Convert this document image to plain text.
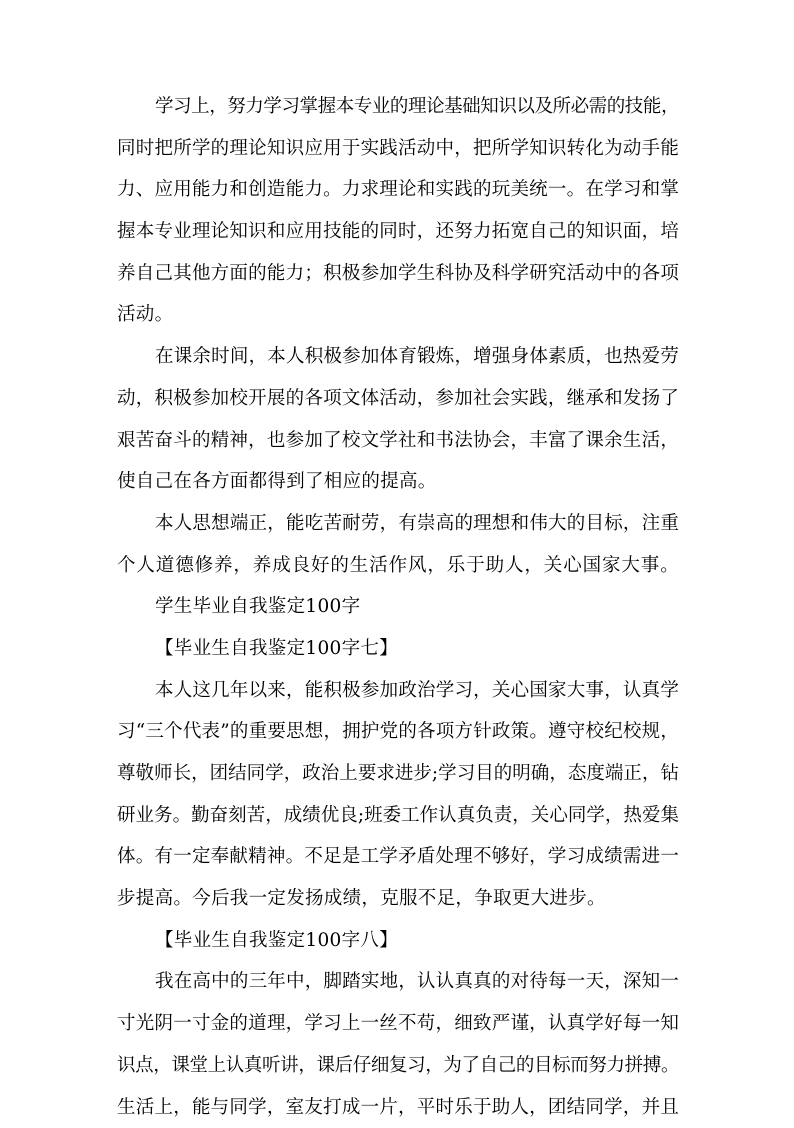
学习上，努力学习掌握本专业的理论基础知识以及所必需的技能，
同时把所学的理论知识应用于实践活动中，把所学知识转化为动手能
力、应用能力和创造能力。力求理论和实践的玩美统一。在学习和掌
握本专业理论知识和应用技能的同时，还努力拓宽自己的知识面，培
养自己其他方面的能力；积极参加学生科协及科学研究活动中的各项
活动。
在课余时间，本人积极参加体育锻炼，增强身体素质，也热爱劳
动，积极参加校开展的各项文体活动，参加社会实践，继承和发扬了
艰苦奋斗的精神，也参加了校文学社和书法协会，丰富了课余生活，
使自己在各方面都得到了相应的提高。
本人思想端正，能吃苦耐劳，有崇高的理想和伟大的目标，注重
个人道德修养，养成良好的生活作风，乐于助人，关心国家大事。
学生毕业自我鉴定100字
【毕业生自我鉴定100字七】
本人这几年以来，能积极参加政治学习，关心国家大事，认真学
习“三个代表”的重要思想，拥护党的各项方针政策。遵守校纪校规，
尊敬师长，团结同学，政治上要求进步;学习目的明确，态度端正，钻
研业务。勤奋刻苦，成绩优良;班委工作认真负责，关心同学，热爱集
体。有一定奉献精神。不足是工学矛盾处理不够好，学习成绩需进一
步提高。今后我一定发扬成绩，克服不足，争取更大进步。
【毕业生自我鉴定100字八】
我在高中的三年中，脚踏实地，认认真真的对待每一天，深知一
寸光阴一寸金的道理，学习上一丝不苟，细致严谨，认真学好每一知
识点，课堂上认真听讲，课后仔细复习，为了自己的目标而努力拼搏。
生活上，能与同学，室友打成一片，平时乐于助人，团结同学，并且
